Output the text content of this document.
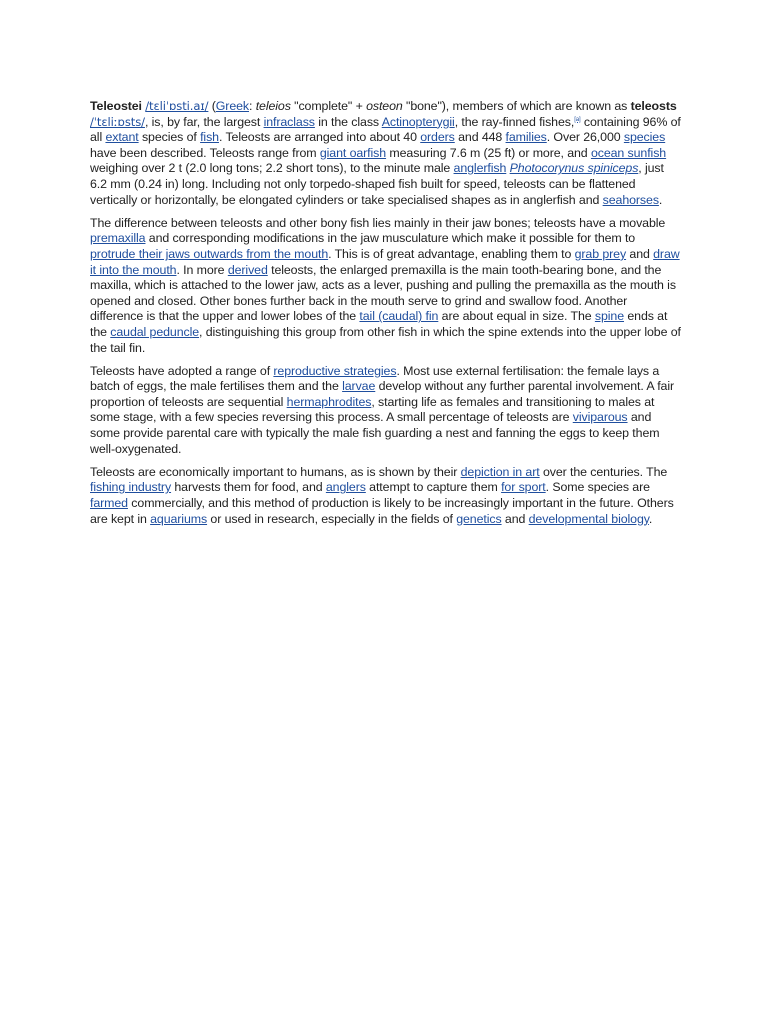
Teleostei /tɛliˈɒsti.aɪ/ (Greek: teleios "complete" + osteon "bone"), members of which are known as teleosts /ˈtɛliːɒsts/, is, by far, the largest infraclass in the class Actinopterygii, the ray-finned fishes,[a] containing 96% of all extant species of fish. Teleosts are arranged into about 40 orders and 448 families. Over 26,000 species have been described. Teleosts range from giant oarfish measuring 7.6 m (25 ft) or more, and ocean sunfish weighing over 2 t (2.0 long tons; 2.2 short tons), to the minute male anglerfish Photocorynus spiniceps, just 6.2 mm (0.24 in) long. Including not only torpedo-shaped fish built for speed, teleosts can be flattened vertically or horizontally, be elongated cylinders or take specialised shapes as in anglerfish and seahorses.

The difference between teleosts and other bony fish lies mainly in their jaw bones; teleosts have a movable premaxilla and corresponding modifications in the jaw musculature which make it possible for them to protrude their jaws outwards from the mouth. This is of great advantage, enabling them to grab prey and draw it into the mouth. In more derived teleosts, the enlarged premaxilla is the main tooth-bearing bone, and the maxilla, which is attached to the lower jaw, acts as a lever, pushing and pulling the premaxilla as the mouth is opened and closed. Other bones further back in the mouth serve to grind and swallow food. Another difference is that the upper and lower lobes of the tail (caudal) fin are about equal in size. The spine ends at the caudal peduncle, distinguishing this group from other fish in which the spine extends into the upper lobe of the tail fin.

Teleosts have adopted a range of reproductive strategies. Most use external fertilisation: the female lays a batch of eggs, the male fertilises them and the larvae develop without any further parental involvement. A fair proportion of teleosts are sequential hermaphrodites, starting life as females and transitioning to males at some stage, with a few species reversing this process. A small percentage of teleosts are viviparous and some provide parental care with typically the male fish guarding a nest and fanning the eggs to keep them well-oxygenated.

Teleosts are economically important to humans, as is shown by their depiction in art over the centuries. The fishing industry harvests them for food, and anglers attempt to capture them for sport. Some species are farmed commercially, and this method of production is likely to be increasingly important in the future. Others are kept in aquariums or used in research, especially in the fields of genetics and developmental biology.
